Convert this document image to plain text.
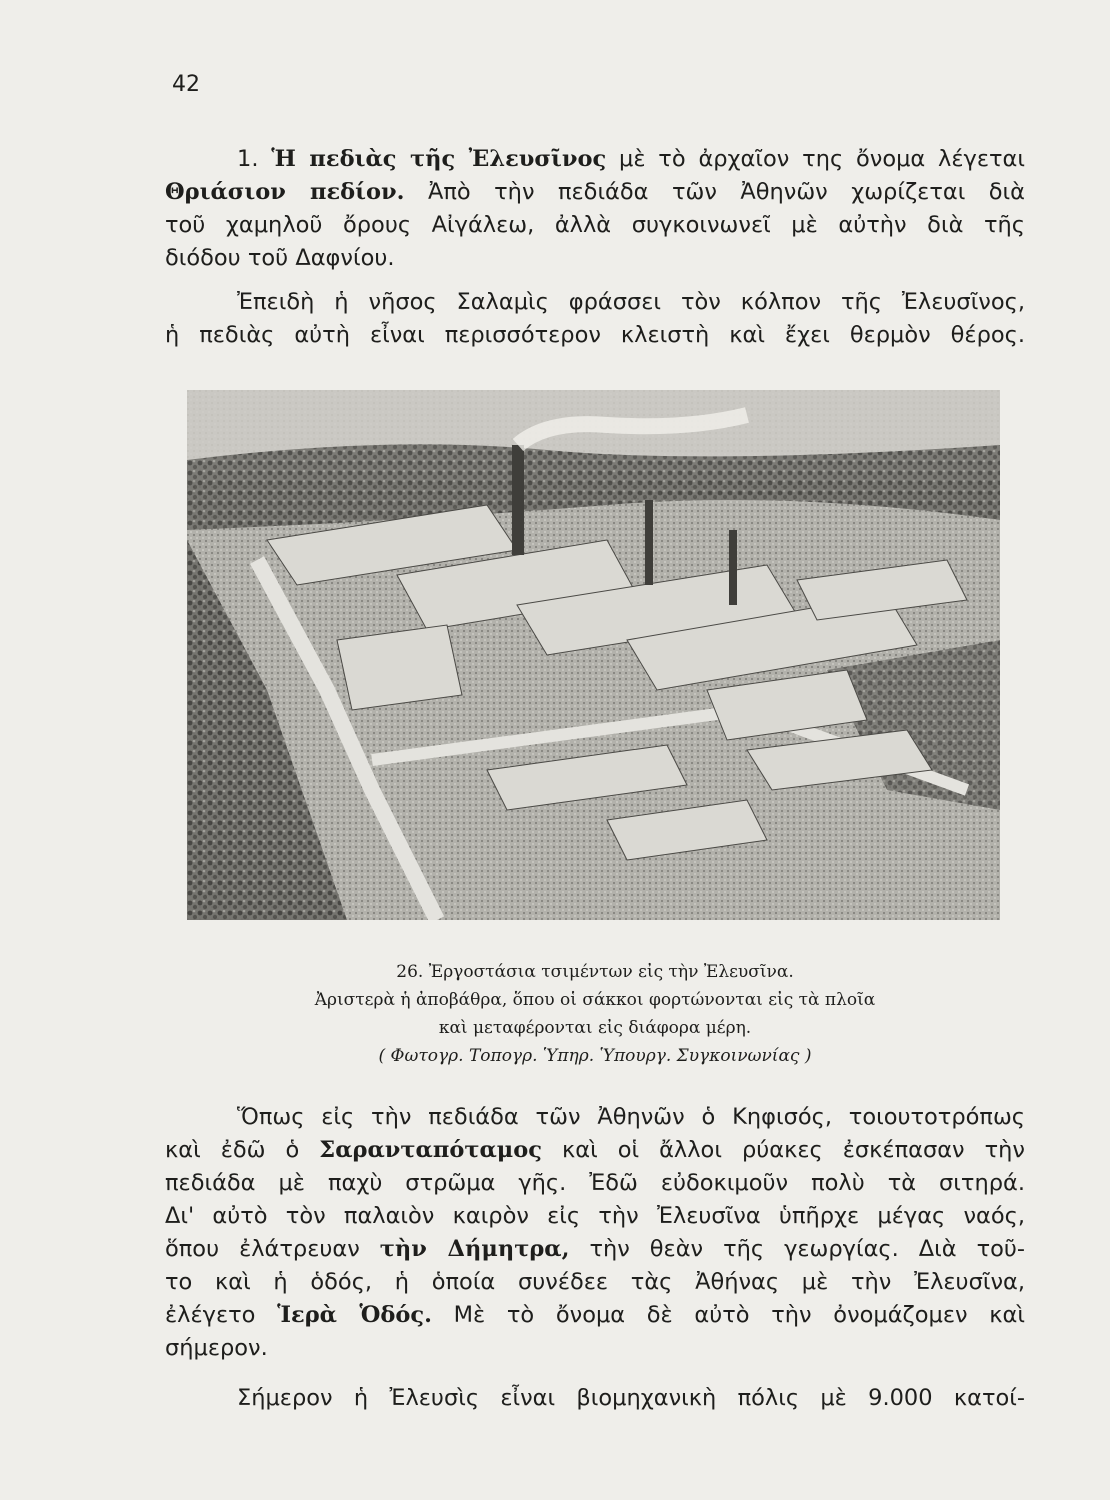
42

1. Ἡ πεδιὰς τῆς Ἐλευσῖνος μὲ τὸ ἀρχαῖον της ὄνομα λέγεται
Θριάσιον πεδίον. Ἀπὸ τὴν πεδιάδα τῶν Ἀθηνῶν χωρίζεται διὰ
τοῦ χαμηλοῦ ὄρους Αἰγάλεω, ἀλλὰ συγκοινωνεῖ μὲ αὐτὴν διὰ τῆς
διόδου τοῦ Δαφνίου.

Ἐπειδὴ ἡ νῆσος Σαλαμὶς φράσσει τὸν κόλπον τῆς Ἐλευσῖνος,
ἡ πεδιὰς αὐτὴ εἶναι περισσότερον κλειστὴ καὶ ἔχει θερμὸν θέρος.

26. Ἐργοστάσια τσιμέντων εἰς τὴν Ἐλευσῖνα.
Ἀριστερὰ ἡ ἀποβάθρα, ὅπου οἱ σάκκοι φορτώνονται εἰς τὰ πλοῖα
καὶ μεταφέρονται εἰς διάφορα μέρη.
( Φωτογρ. Τοπογρ. Ὑπηρ. Ὑπουργ. Συγκοινωνίας )

Ὅπως εἰς τὴν πεδιάδα τῶν Ἀθηνῶν ὁ Κηφισός, τοιουτοτρόπως
καὶ ἐδῶ ὁ Σαρανταπόταμος καὶ οἱ ἄλλοι ρύακες ἐσκέπασαν τὴν
πεδιάδα μὲ παχὺ στρῶμα γῆς. Ἐδῶ εὐδοκιμοῦν πολὺ τὰ σιτηρά.
Δι' αὐτὸ τὸν παλαιὸν καιρὸν εἰς τὴν Ἐλευσῖνα ὑπῆρχε μέγας ναός,
ὅπου ἐλάτρευαν τὴν Δήμητρα, τὴν θεὰν τῆς γεωργίας. Διὰ τοῦ-
το καὶ ἡ ὁδός, ἡ ὁποία συνέδεε τὰς Ἀθήνας μὲ τὴν Ἐλευσῖνα,
ἐλέγετο Ἱερὰ Ὁδός. Μὲ τὸ ὄνομα δὲ αὐτὸ τὴν ὀνομάζομεν καὶ
σήμερον.

Σήμερον ἡ Ἐλευσὶς εἶναι βιομηχανικὴ πόλις μὲ 9.000 κατοί-
